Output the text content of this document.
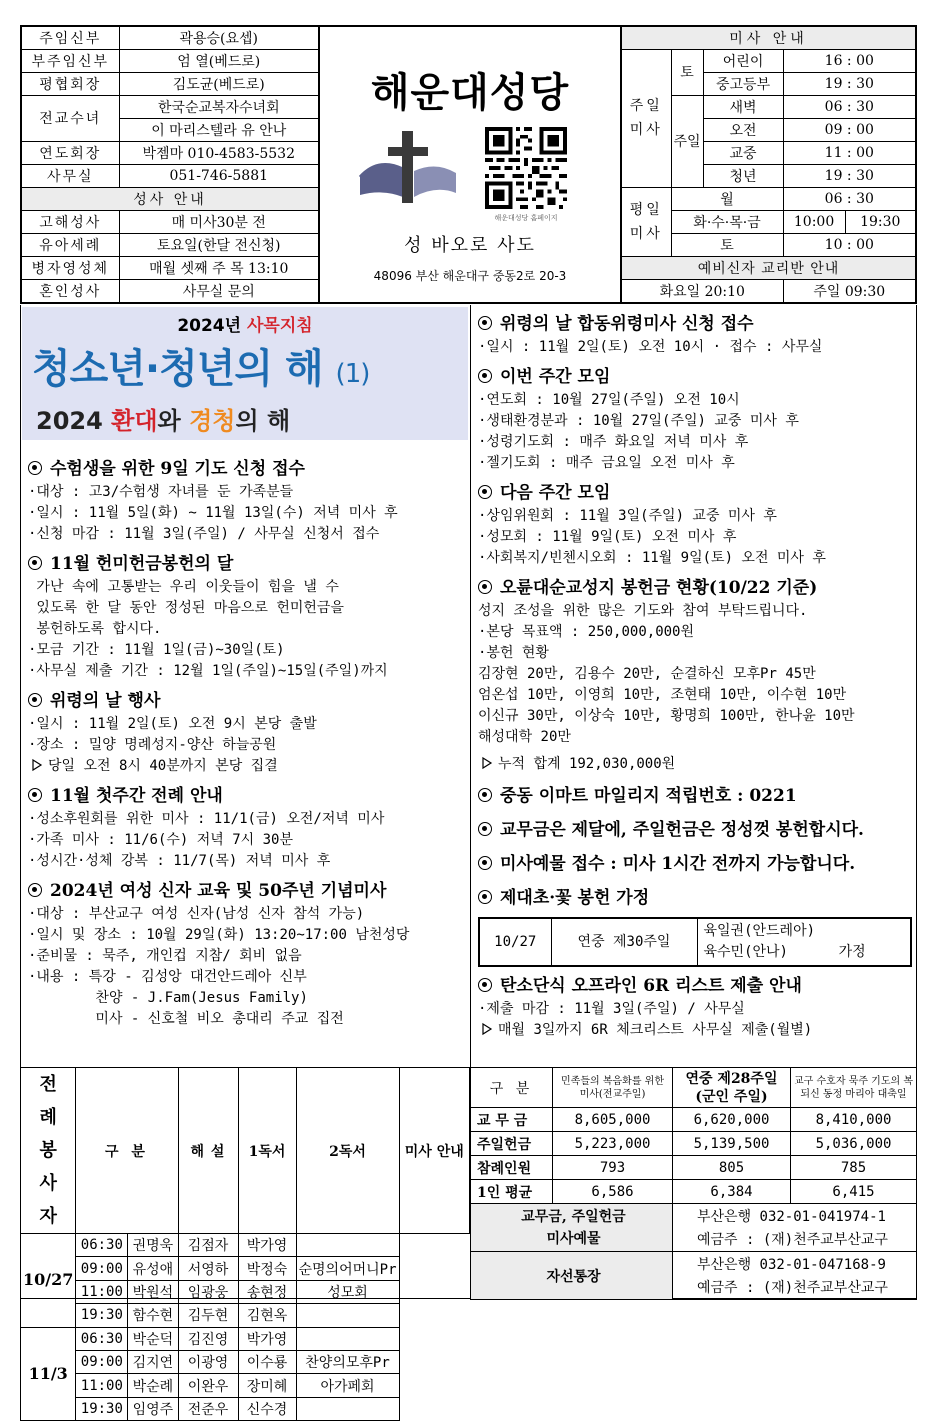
주임신부	곽용승(요셉)
부주임신부	엄 열(베드로)
평협회장	김도균(베드로)
전교수녀	한국순교복자수녀회
	이 마리스텔라 유 안나
연도회장	박젬마 010-4583-5532
사무실	051-746-5881
성사 안내	
고해성사	매 미사30분 전
유아세례	토요일(한달 전신청)
병자영성체	매월 셋째 주 목 13:10
혼인성사	사무실 문의
해운대성당
해운대성당 홈페이지
성 바오로 사도
48096 부산 해운대구 중동2로 20-3
미사 안내				
주일미사	토	어린이	16 : 00	
		중고등부	19 : 30	
	주일	새벽	06 : 30	
		오전	09 : 00	
		교중	11 : 00	
		청년	19 : 30	
평일미사	월		06 : 30	
	화·수·목·금		10:00	19:30
	토		10 : 00	
예비신자 교리반 안내				
화요일 20:10			주일 09:30	
2024년 사목지침
청소년·청년의 해 (1)
2024 환대와 경청의 해
수험생을 위한 9일 기도 신청 접수

·대상 : 고3/수험생 자녀를 둔 가족분들

·일시 : 11월 5일(화) ~ 11월 13일(수) 저녁 미사 후

·신청 마감 : 11월 3일(주일) / 사무실 신청서 접수

11월 헌미헌금봉헌의 달

가난 속에 고통받는 우리 이웃들이 힘을 낼 수

있도록 한 달 동안 정성된 마음으로 헌미헌금을

봉헌하도록 합시다.

·모금 기간 : 11월 1일(금)~30일(토)

·사무실 제출 기간 : 12월 1일(주일)~15일(주일)까지

위령의 날 행사

·일시 : 11월 2일(토) 오전 9시 본당 출발

·장소 : 밀양 명례성지-양산 하늘공원

당일 오전 8시 40분까지 본당 집결

11월 첫주간 전례 안내

·성소후원회를 위한 미사 : 11/1(금) 오전/저녁 미사

·가족 미사 : 11/6(수) 저녁 7시 30분

·성시간·성체 강복 : 11/7(목) 저녁 미사 후

2024년 여성 신자 교육 및 50주년 기념미사

·대상 : 부산교구 여성 신자(남성 신자 참석 가능)

·일시 및 장소 : 10월 29일(화) 13:20~17:00 남천성당

·준비물 : 묵주, 개인컵 지참/ 회비 없음

·내용 : 특강 - 김성앙 대건안드레아 신부

찬양 - J.Fam(Jesus Family)

미사 - 신호철 비오 총대리 주교 집전

위령의 날 합동위령미사 신청 접수

·일시 : 11월 2일(토) 오전 10시 · 접수 : 사무실

이번 주간 모임

·연도회 : 10월 27일(주일) 오전 10시

·생태환경분과 : 10월 27일(주일) 교중 미사 후

·성령기도회 : 매주 화요일 저녁 미사 후

·젤기도회 : 매주 금요일 오전 미사 후

다음 주간 모임

·상임위원회 : 11월 3일(주일) 교중 미사 후

·성모회 : 11월 9일(토) 오전 미사 후

·사회복지/빈첸시오회 : 11월 9일(토) 오전 미사 후

오륜대순교성지 봉헌금 현황(10/22 기준)

성지 조성을 위한 많은 기도와 참여 부탁드립니다.

·본당 목표액 : 250,000,000원

·봉헌 현황

김장현 20만, 김용수 20만, 순결하신 모후Pr 45만

엄온섭 10만, 이영희 10만, 조현태 10만, 이수현 10만

이신규 30만, 이상숙 10만, 황명희 100만, 한나윤 10만

해성대학 20만

누적 합계 192,030,000원

중동 이마트 마일리지 적립번호 : 0221
교무금은 제달에, 주일헌금은 정성껏 봉헌합시다.
미사예물 접수 : 미사 1시간 전까지 가능합니다.
제대초·꽃 봉헌 가정
10/27	연중 제30주일	
육일권(안드레아)
육수민(안나)	가정
탄소단식 오프라인 6R 리스트 제출 안내

·제출 마감 : 11월 3일(주일) / 사무실

매월 3일까지 6R 체크리스트 사무실 제출(월별)

전례봉사자	구 분		해 설	1독서	2독서	미사 안내
10/27	06:30	권명욱	김점자	박가영		
	09:00	유성애	서영하	박정숙	순명의어머니Pr	
	11:00	박원석	임광웅	송현정	성모회	
	19:30	함수현	김두현	김현옥		
11/3	06:30	박순덕	김진영	박가영		
	09:00	김지연	이광영	이수룡	찬양의모후Pr	
	11:00	박순례	이완우	장미혜	아가페회	
	19:30	임영주	전준우	신수경		
구 분	민족들의 복음화를 위한 미사(전교주일)	연중 제28주일 (군인 주일)	교구 수호자 묵주 기도의 복되신 동정 마리아 대축일
교 무 금	8,605,000	6,620,000	8,410,000
주일헌금	5,223,000	5,139,500	5,036,000
참례인원	793	805	785
1인 평균	6,586	6,384	6,415

교무금, 주일헌금
미사예물		부산은행 032-01-041974-1	
		예금주 : (재)천주교부산교구	
자선통장		부산은행 032-01-047168-9	
		예금주 : (재)천주교부산교구	
